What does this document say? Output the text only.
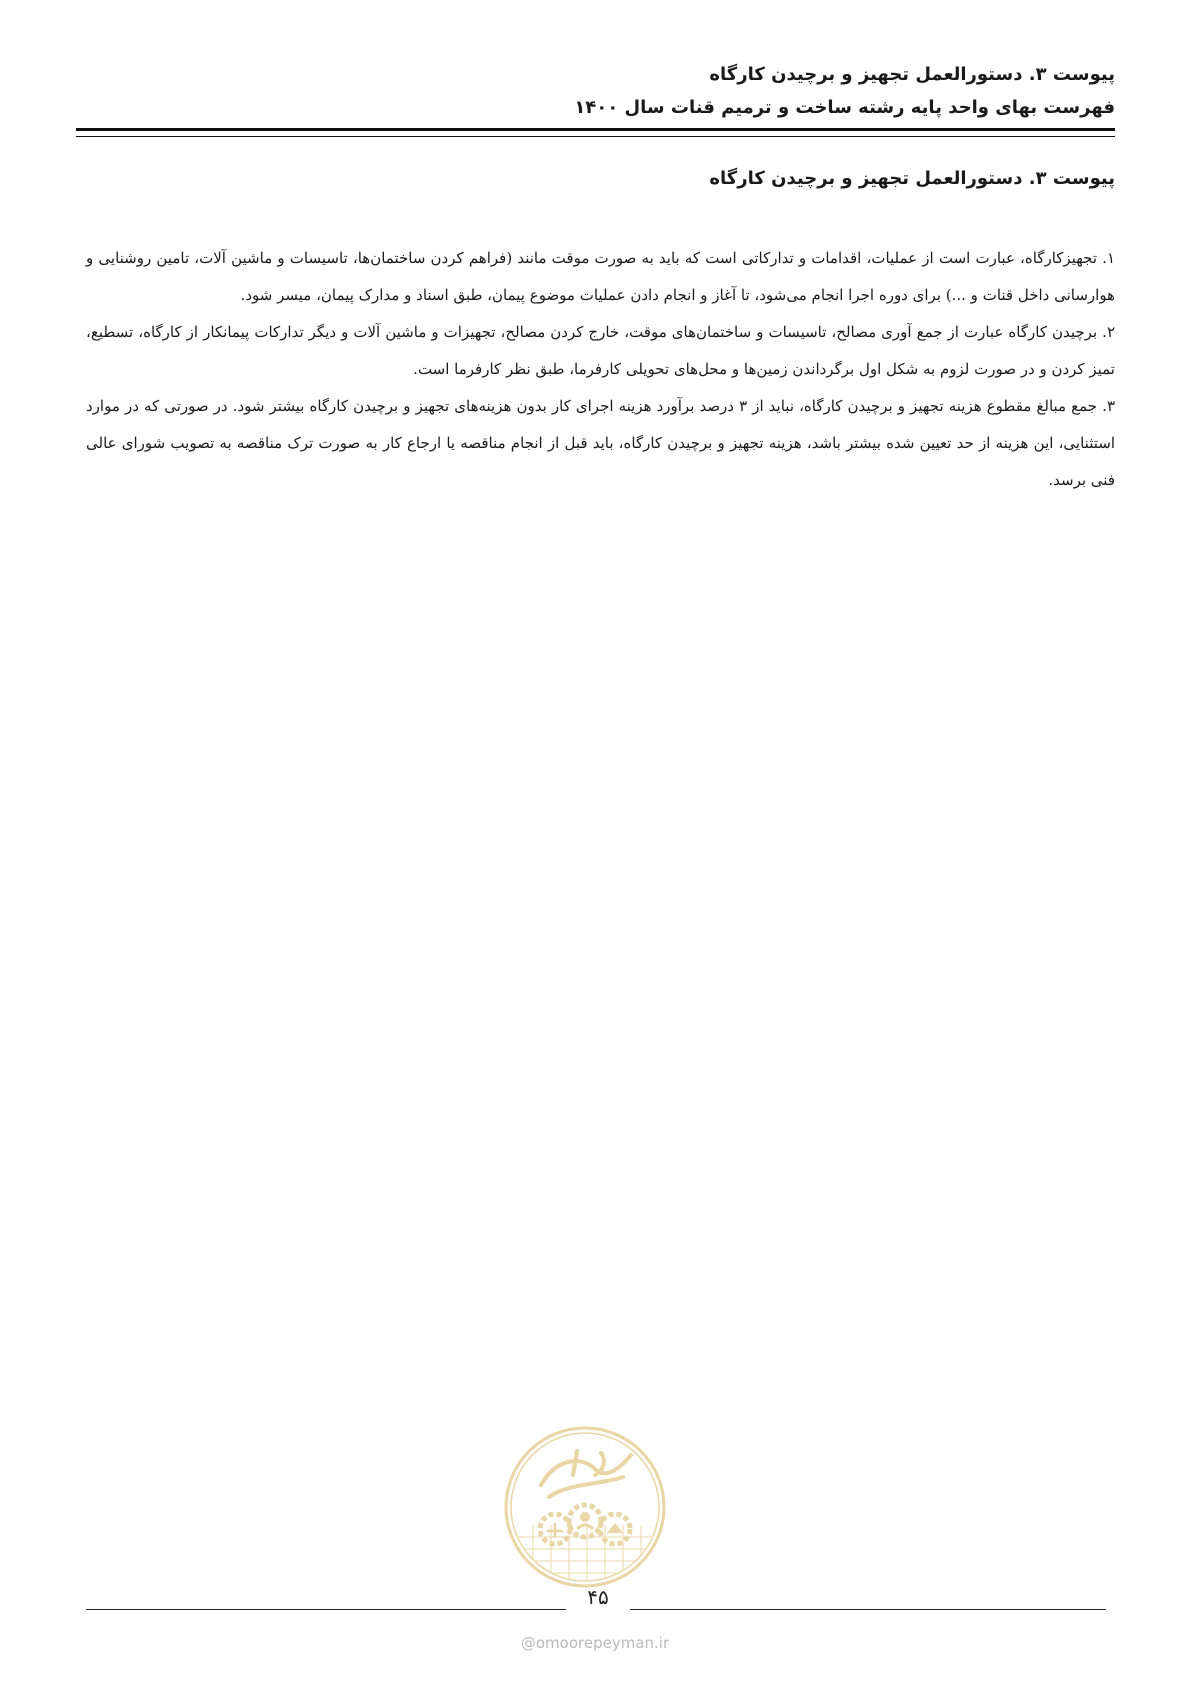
پیوست ۳. دستورالعمل تجهیز و برچیدن کارگاه
فهرست بهای واحد پایه رشته ساخت و ترمیم قنات سال ۱۴۰۰
پیوست ۳. دستورالعمل تجهیز و برچیدن کارگاه

۱. تجهیزکارگاه، عبارت است از عملیات، اقدامات و تدارکاتی است که باید به صورت موقت مانند (فراهم کردن ساختمان‌ها، تاسیسات و ماشین آلات، تامین روشنایی و هوارسانی داخل قنات و ...) برای دوره اجرا انجام می‌شود، تا آغاز و انجام دادن عملیات موضوع پیمان، طبق اسناد و مدارک پیمان، میسر شود.

۲. برچیدن کارگاه عبارت از جمع آوری مصالح، تاسیسات و ساختمان‌های موقت، خارج کردن مصالح، تجهیزات و ماشین آلات و دیگر تدارکات پیمانکار از کارگاه، تسطیع، تمیز کردن و در صورت لزوم به شکل اول برگرداندن زمین‌ها و محل‌های تحویلی کارفرما، طبق نظر کارفرما است.

۳. جمع مبالغ مقطوع هزینه تجهیز و برچیدن کارگاه، نباید از ۳ درصد برآورد هزینه اجرای کار بدون هزینه‌های تجهیز و برچیدن کارگاه بیشتر شود. در صورتی که در موارد استثنایی، این هزینه از حد تعیین شده بیشتر باشد، هزینه تجهیز و برچیدن کارگاه، باید قبل از انجام مناقصه یا ارجاع کار به صورت ترک مناقصه به تصویب شورای عالی فنی برسد.

۴۵
@omoorepeyman.ir
